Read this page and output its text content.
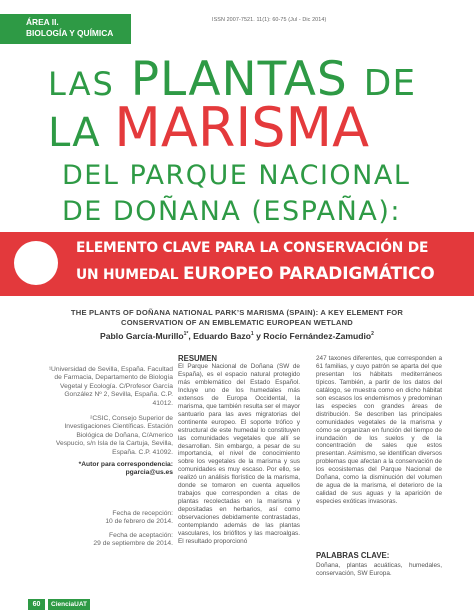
ÁREA II.
BIOLOGÍA Y QUÍMICA
ISSN 2007-7521. 11(1): 60-75 (Jul - Dic 2014)
LAS PLANTAS DE
LA MARISMA
DEL PARQUE NACIONAL
DE DOÑANA (ESPAÑA):
ELEMENTO CLAVE PARA LA CONSERVACIÓN DE
UN HUMEDAL EUROPEO PARADIGMÁTICO
THE PLANTS OF DOÑANA NATIONAL PARK’S MARISMA (SPAIN): A KEY ELEMENT FOR
CONSERVATION OF AN EMBLEMATIC EUROPEAN WETLAND
Pablo García-Murillo$^{1*}$, Eduardo Bazo$^1$ y Rocío Fernández-Zamudio$^2$
¹Universidad de Sevilla, España. Facultad de Farmacia, Departamento de Biología Vegetal y Ecología. C/Profesor García González Nº 2, Sevilla, España. C.P. 41012.
²CSIC, Consejo Superior de Investigaciones Científicas. Estación Biológica de Doñana, C/Americo Vespucio, s/n Isla de la Cartuja, Sevilla, España. C.P. 41092.
*Autor para correspondencia:
pgarcia@us.es
Fecha de recepción:
10 de febrero de 2014.
Fecha de aceptación:
29 de septiembre de 2014.
RESUMEN
El Parque Nacional de Doñana (SW de España), es el espacio natural protegido más emblemático del Estado Español. Incluye uno de los humedales más extensos de Europa Occidental, la marisma, que también resulta ser el mayor santuario para las aves migratorias del continente europeo. El soporte trófico y estructural de este humedal lo constituyen las comunidades vegetales que allí se desarrollan. Sin embargo, a pesar de su importancia, el nivel de conocimiento sobre los vegetales de la marisma y sus comunidades es muy escaso. Por ello, se realizó un análisis florístico de la marisma, donde se tomaron en cuenta aquellos trabajos que corresponden a citas de plantas recolectadas en la marisma y depositadas en herbarios, así como observaciones debidamente contrastadas, contemplando además de las plantas vasculares, los briófitos y las macroalgas. El resultado proporcionó
247 taxones diferentes, que corresponden a 61 familias, y cuyo patrón se aparta del que presentan los hábitats mediterráneos típicos. También, a partir de los datos del catálogo, se muestra como en dicho hábitat son escasos los endemismos y predominan las especies con grandes áreas de distribución. Se describen las principales comunidades vegetales de la marisma y cómo se organizan en función del tiempo de inundación de los suelos y de la concentración de sales que estos presentan. Asimismo, se identifican diversos problemas que afectan a la conservación de los ecosistemas del Parque Nacional de Doñana, como la disminución del volumen de agua de la marisma, el deterioro de la calidad de sus aguas y la aparición de especies exóticas invasoras.
PALABRAS CLAVE:
Doñana, plantas acuáticas, humedales, conservación, SW Europa.
60	CienciaUAT
